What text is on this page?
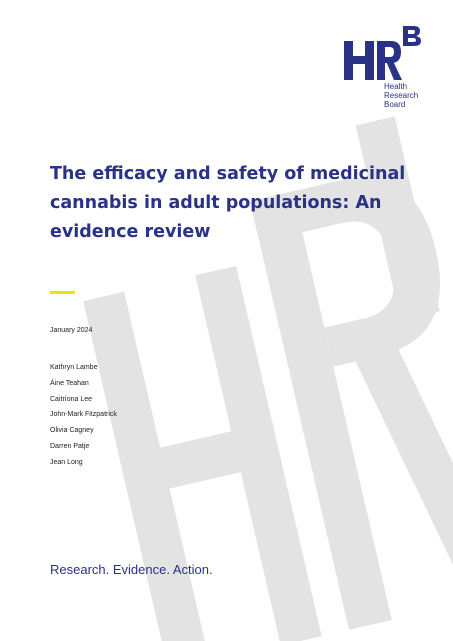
Health
Research
Board
The efficacy and safety of medicinal cannabis in adult populations: An evidence review
January 2024
Kathryn Lambe
Áine Teahan
Caitríona Lee
John-Mark Fitzpatrick
Olivia Cagney
Darren Patje
Jean Long
Research. Evidence. Action.
